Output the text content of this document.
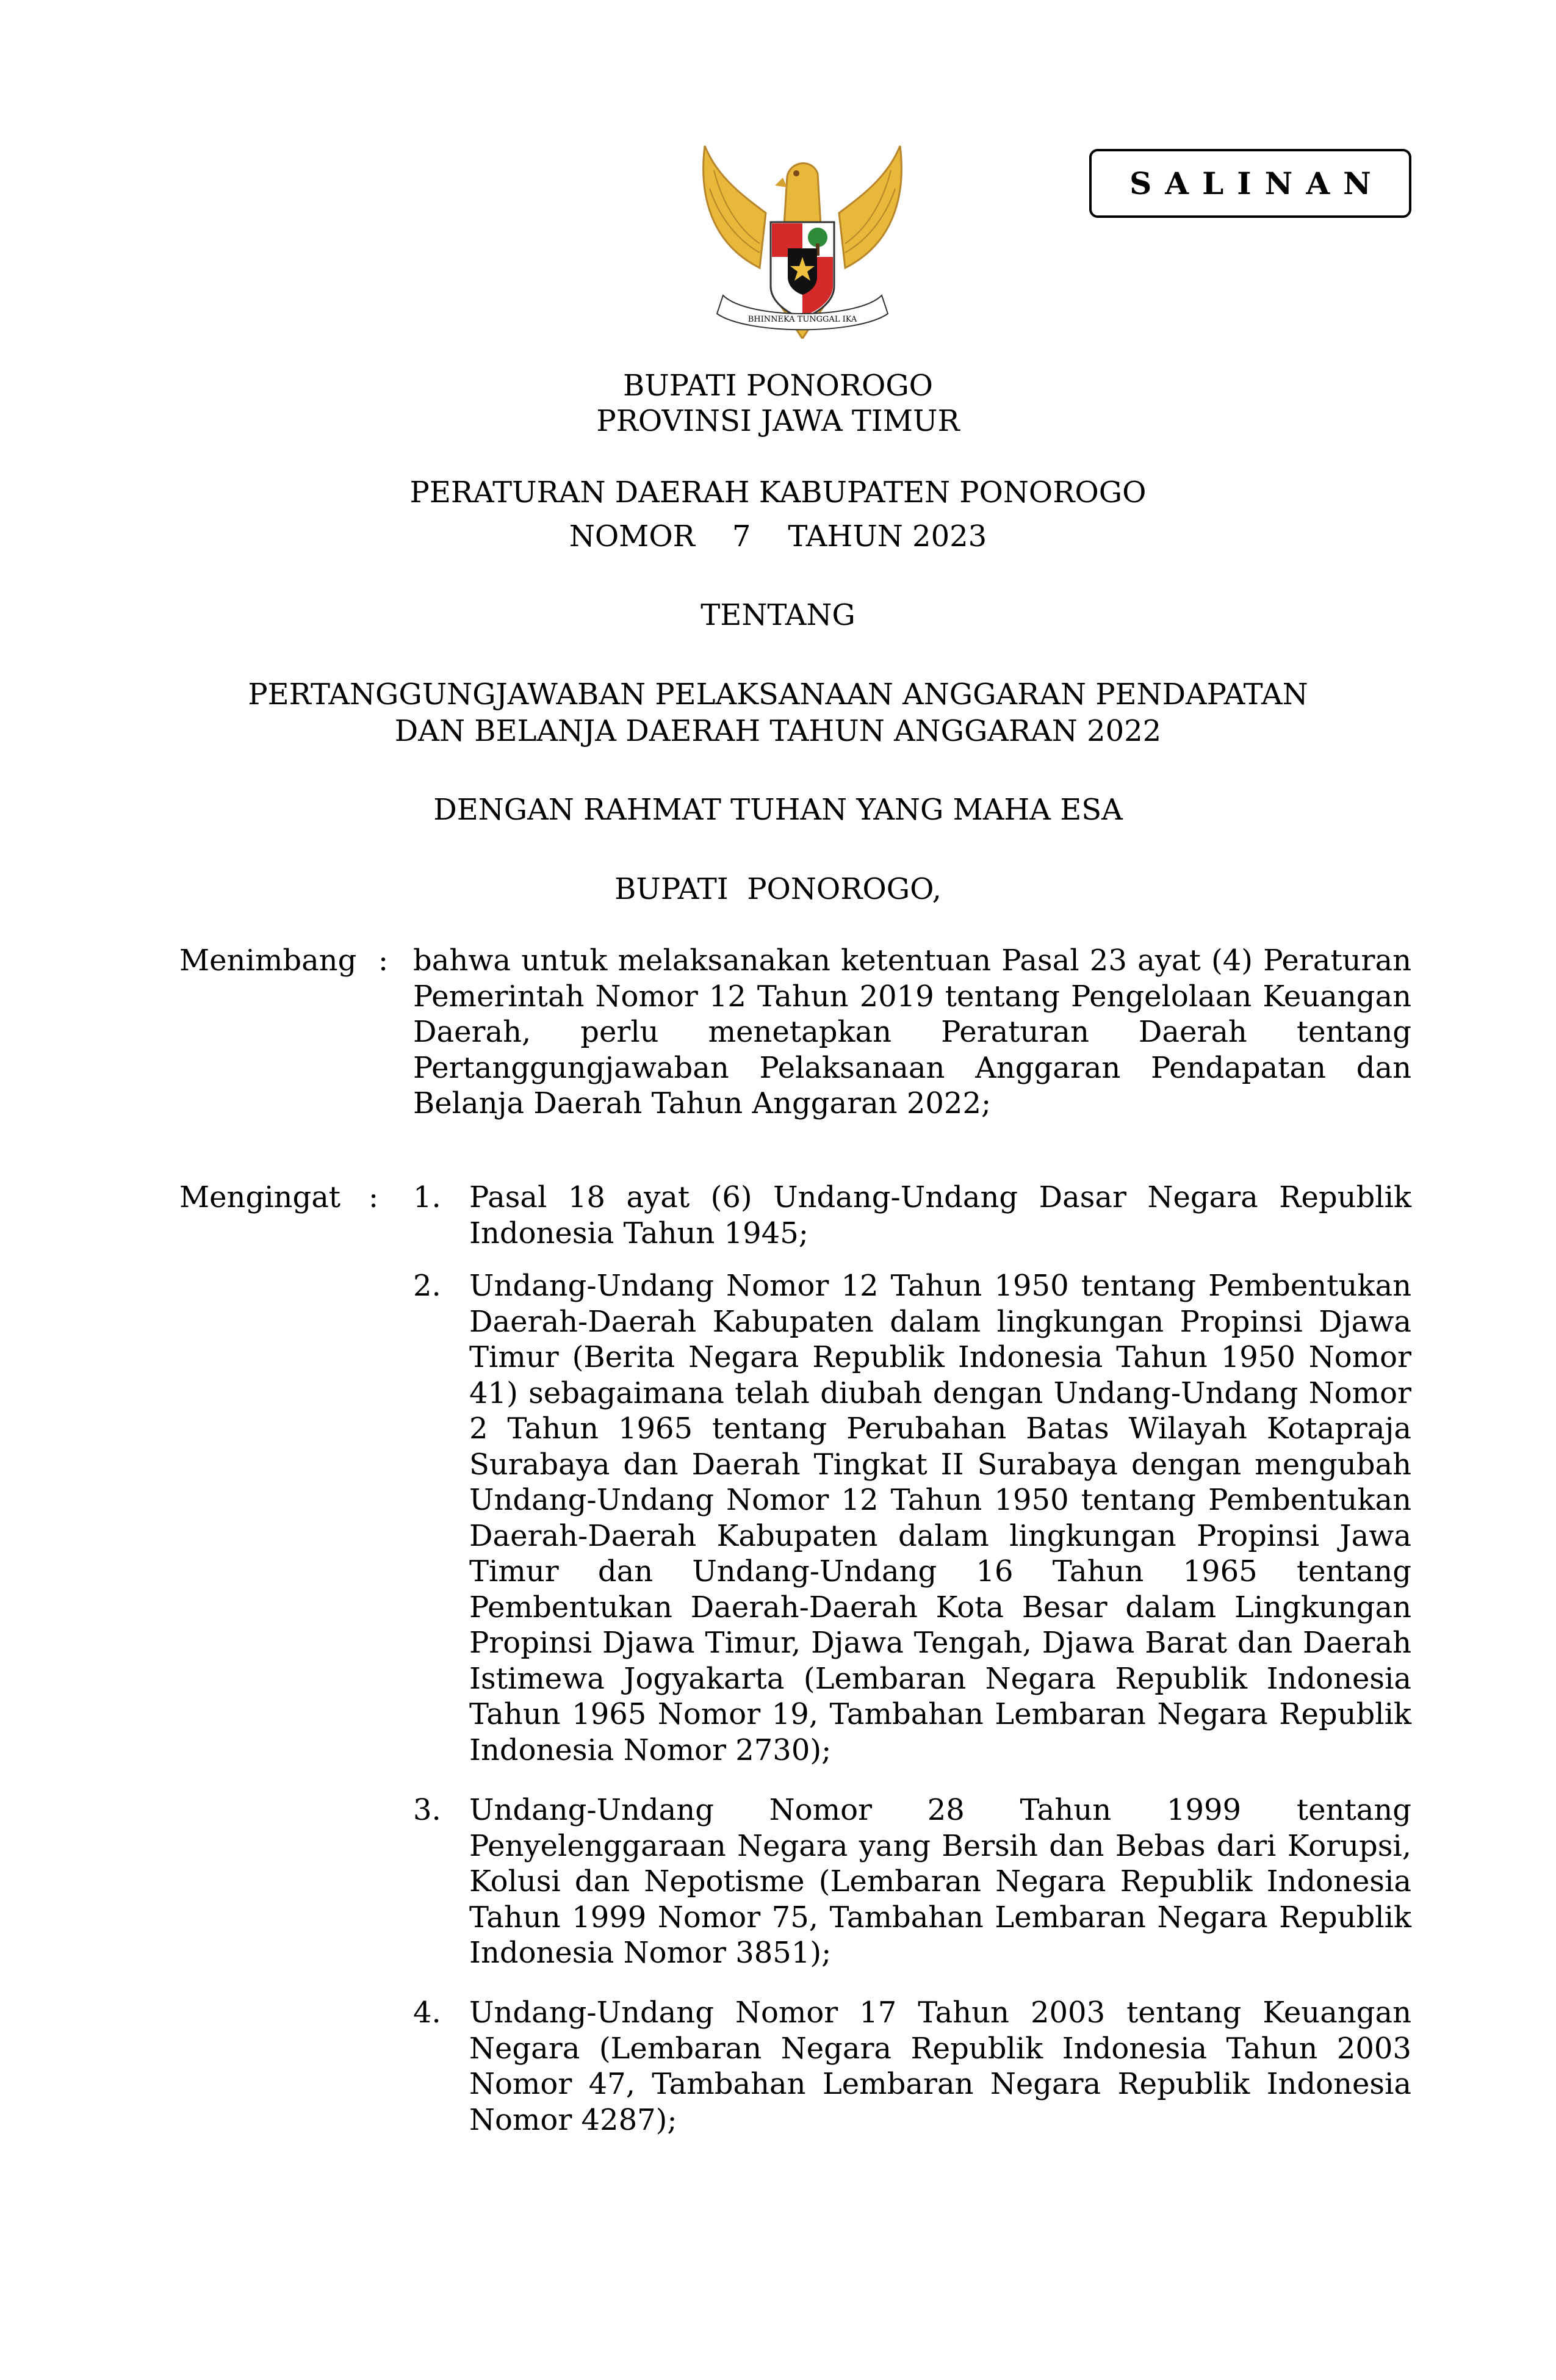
BHINNEKA TUNGGAL IKA
SALINAN
BUPATI PONOROGO
PROVINSI JAWA TIMUR
PERATURAN DAERAH KABUPATEN PONOROGO
NOMOR    7    TAHUN 2023
TENTANG
PERTANGGUNGJAWABAN PELAKSANAAN ANGGARAN PENDAPATAN
DAN BELANJA DAERAH TAHUN ANGGARAN 2022
DENGAN RAHMAT TUHAN YANG MAHA ESA
BUPATI  PONOROGO,
Menimbang : bahwa untuk melaksanakan ketentuan Pasal 23 ayat (4) Peraturan Pemerintah Nomor 12 Tahun 2019 tentang Pengelolaan Keuangan Daerah, perlu menetapkan Peraturan Daerah tentang Pertanggungjawaban Pelaksanaan Anggaran Pendapatan dan Belanja Daerah Tahun Anggaran 2022;
Mengingat : 1. Pasal 18 ayat (6) Undang-Undang Dasar Negara Republik Indonesia Tahun 1945;
2. Undang-Undang Nomor 12 Tahun 1950 tentang Pembentukan Daerah-Daerah Kabupaten dalam lingkungan Propinsi Djawa Timur (Berita Negara Republik Indonesia Tahun 1950 Nomor 41) sebagaimana telah diubah dengan Undang-Undang Nomor 2 Tahun 1965 tentang Perubahan Batas Wilayah Kotapraja Surabaya dan Daerah Tingkat II Surabaya dengan mengubah Undang-Undang Nomor 12 Tahun 1950 tentang Pembentukan Daerah-Daerah Kabupaten dalam lingkungan Propinsi Jawa Timur dan Undang-Undang 16 Tahun 1965 tentang Pembentukan Daerah-Daerah Kota Besar dalam Lingkungan Propinsi Djawa Timur, Djawa Tengah, Djawa Barat dan Daerah Istimewa Jogyakarta (Lembaran Negara Republik Indonesia Tahun 1965 Nomor 19, Tambahan Lembaran Negara Republik Indonesia Nomor 2730);
3. Undang-Undang Nomor 28 Tahun 1999 tentang Penyelenggaraan Negara yang Bersih dan Bebas dari Korupsi, Kolusi dan Nepotisme (Lembaran Negara Republik Indonesia Tahun 1999 Nomor 75, Tambahan Lembaran Negara Republik Indonesia Nomor 3851);
4. Undang-Undang Nomor 17 Tahun 2003 tentang Keuangan Negara (Lembaran Negara Republik Indonesia Tahun 2003 Nomor 47, Tambahan Lembaran Negara Republik Indonesia Nomor 4287);
